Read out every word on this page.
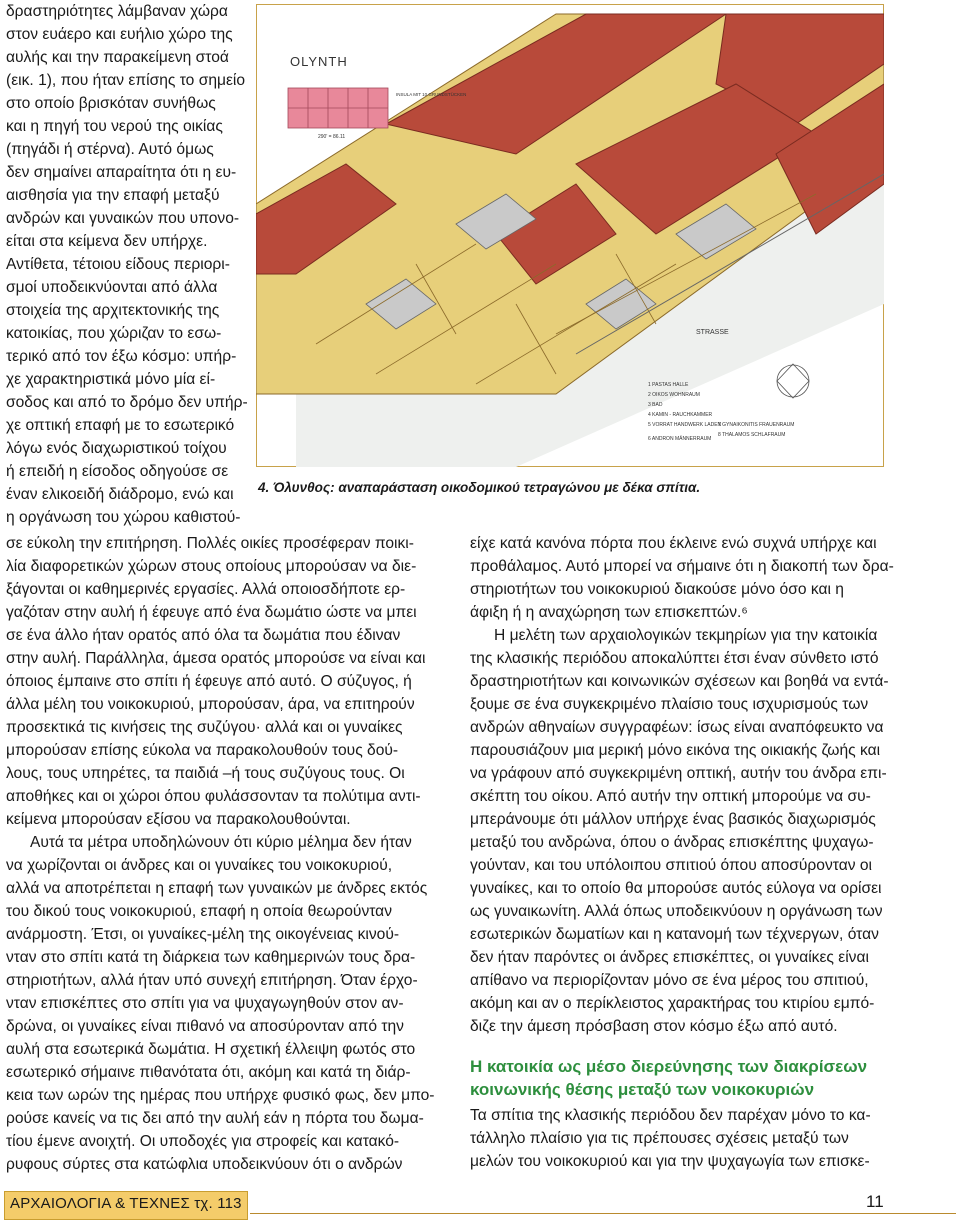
δραστηριότητες λάμβαναν χώρα
στον ευάερο και ευήλιο χώρο της
αυλής και την παρακείμενη στοά
(εικ. 1), που ήταν επίσης το σημείο
στο οποίο βρισκόταν συνήθως
και η πηγή του νερού της οικίας
(πηγάδι ή στέρνα). Αυτό όμως
δεν σημαίνει απαραίτητα ότι η ευ-
αισθησία για την επαφή μεταξύ
ανδρών και γυναικών που υπονο-
είται στα κείμενα δεν υπήρχε.
Αντίθετα, τέτοιου είδους περιορι-
σμοί υποδεικνύονται από άλλα
στοιχεία της αρχιτεκτονικής της
κατοικίας, που χώριζαν το εσω-
τερικό από τον έξω κόσμο: υπήρ-
χε χαρακτηριστικά μόνο μία εί-
σοδος και από το δρόμο δεν υπήρ-
χε οπτική επαφή με το εσωτερικό
λόγω ενός διαχωριστικού τοίχου
ή επειδή η είσοδος οδηγούσε σε
έναν ελικοειδή διάδρομο, ενώ και
η οργάνωση του χώρου καθιστού-
STRASSE
OLYNTH
INSULA MIT 10 GRUNDSTÜCKEN
290' = 86.11
1 PASTAS HALLE
2 OIKOS WOHNRAUM
3 BAD
4 KAMIN - RAUCHKAMMER
5 VORRAT HANDWERK LADEN
6 ANDRON MÄNNERRAUM
7 GYNAIKONITIS FRAUENRAUM
8 THALAMOS SCHLAFRAUM
4. Όλυνθος: αναπαράσταση οικοδομικού τετραγώνου με δέκα σπίτια.
σε εύκολη την επιτήρηση. Πολλές οικίες προσέφεραν ποικι-
λία διαφορετικών χώρων στους οποίους μπορούσαν να διε-
ξάγονται οι καθημερινές εργασίες. Αλλά οποιοσδήποτε ερ-
γαζόταν στην αυλή ή έφευγε από ένα δωμάτιο ώστε να μπει
σε ένα άλλο ήταν ορατός από όλα τα δωμάτια που έδιναν
στην αυλή. Παράλληλα, άμεσα ορατός μπορούσε να είναι και
όποιος έμπαινε στο σπίτι ή έφευγε από αυτό. Ο σύζυγος, ή
άλλα μέλη του νοικοκυριού, μπορούσαν, άρα, να επιτηρούν
προσεκτικά τις κινήσεις της συζύγου· αλλά και οι γυναίκες
μπορούσαν επίσης εύκολα να παρακολουθούν τους δού-
λους, τους υπηρέτες, τα παιδιά –ή τους συζύγους τους. Οι
αποθήκες και οι χώροι όπου φυλάσσονταν τα πολύτιμα αντι-
κείμενα μπορούσαν εξίσου να παρακολουθούνται.
Αυτά τα μέτρα υποδηλώνουν ότι κύριο μέλημα δεν ήταν
να χωρίζονται οι άνδρες και οι γυναίκες του νοικοκυριού,
αλλά να αποτρέπεται η επαφή των γυναικών με άνδρες εκτός
του δικού τους νοικοκυριού, επαφή η οποία θεωρούνταν
ανάρμοστη. Έτσι, οι γυναίκες-μέλη της οικογένειας κινού-
νταν στο σπίτι κατά τη διάρκεια των καθημερινών τους δρα-
στηριοτήτων, αλλά ήταν υπό συνεχή επιτήρηση. Όταν έρχο-
νταν επισκέπτες στο σπίτι για να ψυχαγωγηθούν στον αν-
δρώνα, οι γυναίκες είναι πιθανό να αποσύρονταν από την
αυλή στα εσωτερικά δωμάτια. Η σχετική έλλειψη φωτός στο
εσωτερικό σήμαινε πιθανότατα ότι, ακόμη και κατά τη διάρ-
κεια των ωρών της ημέρας που υπήρχε φυσικό φως, δεν μπο-
ρούσε κανείς να τις δει από την αυλή εάν η πόρτα του δωμα-
τίου έμενε ανοιχτή. Οι υποδοχές για στροφείς και κατακό-
ρυφους σύρτες στα κατώφλια υποδεικνύουν ότι ο ανδρών
είχε κατά κανόνα πόρτα που έκλεινε ενώ συχνά υπήρχε και
προθάλαμος. Αυτό μπορεί να σήμαινε ότι η διακοπή των δρα-
στηριοτήτων του νοικοκυριού διακούσε μόνο όσο και η
άφιξη ή η αναχώρηση των επισκεπτών.⁶
Η μελέτη των αρχαιολογικών τεκμηρίων για την κατοικία
της κλασικής περιόδου αποκαλύπτει έτσι έναν σύνθετο ιστό
δραστηριοτήτων και κοινωνικών σχέσεων και βοηθά να εντά-
ξουμε σε ένα συγκεκριμένο πλαίσιο τους ισχυρισμούς των
ανδρών αθηναίων συγγραφέων: ίσως είναι αναπόφευκτο να
παρουσιάζουν μια μερική μόνο εικόνα της οικιακής ζωής και
να γράφουν από συγκεκριμένη οπτική, αυτήν του άνδρα επι-
σκέπτη του οίκου. Από αυτήν την οπτική μπορούμε να συ-
μπεράνουμε ότι μάλλον υπήρχε ένας βασικός διαχωρισμός
μεταξύ του ανδρώνα, όπου ο άνδρας επισκέπτης ψυχαγω-
γούνταν, και του υπόλοιπου σπιτιού όπου αποσύρονταν οι
γυναίκες, και το οποίο θα μπορούσε αυτός εύλογα να ορίσει
ως γυναικωνίτη. Αλλά όπως υποδεικνύουν η οργάνωση των
εσωτερικών δωματίων και η κατανομή των τέχνεργων, όταν
δεν ήταν παρόντες οι άνδρες επισκέπτες, οι γυναίκες είναι
απίθανο να περιορίζονταν μόνο σε ένα μέρος του σπιτιού,
ακόμη και αν ο περίκλειστος χαρακτήρας του κτιρίου εμπό-
διζε την άμεση πρόσβαση στον κόσμο έξω από αυτό.
Η κατοικία ως μέσο διερεύνησης των διακρίσεων
κοινωνικής θέσης μεταξύ των νοικοκυριών
Τα σπίτια της κλασικής περιόδου δεν παρέχαν μόνο το κα-
τάλληλο πλαίσιο για τις πρέπουσες σχέσεις μεταξύ των
μελών του νοικοκυριού και για την ψυχαγωγία των επισκε-
ΑΡΧΑΙΟΛΟΓΙΑ & ΤΕΧΝΕΣ τχ. 113	11
